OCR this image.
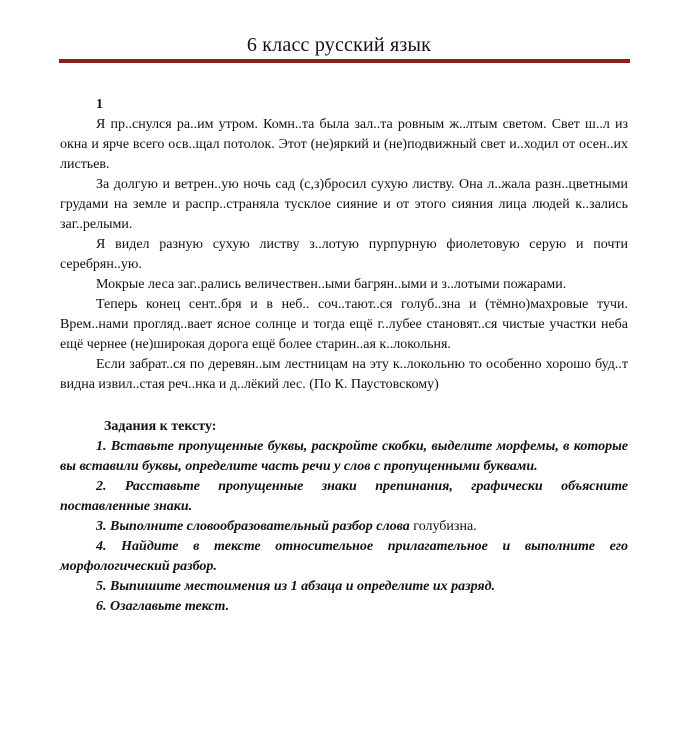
6 класс русский язык
1

Я пр..снулся ра..им утром. Комн..та была зал..та ровным ж..лтым светом. Свет ш..л из окна и ярче всего осв..щал потолок. Этот (не)яркий и (не)подвижный свет и..ходил от осен..их листьев.

За долгую и ветрен..ую ночь сад (с,з)бросил сухую листву. Она л..жала разн..цветными грудами на земле и распр..страняла тусклое сияние и от этого сияния лица людей к..зались заг..релыми.

Я видел разную сухую листву з..лотую пурпурную фиолетовую серую и почти серебрян..ую.

Мокрые леса заг..рались величествен..ыми багрян..ыми и з..лотыми пожарами.

Теперь конец сент..бря и в неб.. соч..тают..ся голуб..зна и (тёмно)махровые тучи. Врем..нами прогляд..вает ясное солнце и тогда ещё г..лубее становят..ся чистые участки неба ещё чернее (не)широкая дорога ещё более старин..ая к..локольня.

Если забрат..ся по деревян..ым лестницам на эту к..локольню то особенно хорошо буд..т видна извил..стая реч..нка и д..лёкий лес. (По К. Паустовскому)

Задания к тексту:

1. Вставьте пропущенные буквы, раскройте скобки, выделите морфемы, в которые вы вставили буквы, определите часть речи у слов с пропущенными буквами.

2. Расставьте пропущенные знаки препинания, графически объясните поставленные знаки.

3. Выполните словообразовательный разбор слова голубизна.

4. Найдите в тексте относительное прилагательное и выполните его морфологический разбор.

5. Выпишите местоимения из 1 абзаца и определите их разряд.

6. Озаглавьте текст.
